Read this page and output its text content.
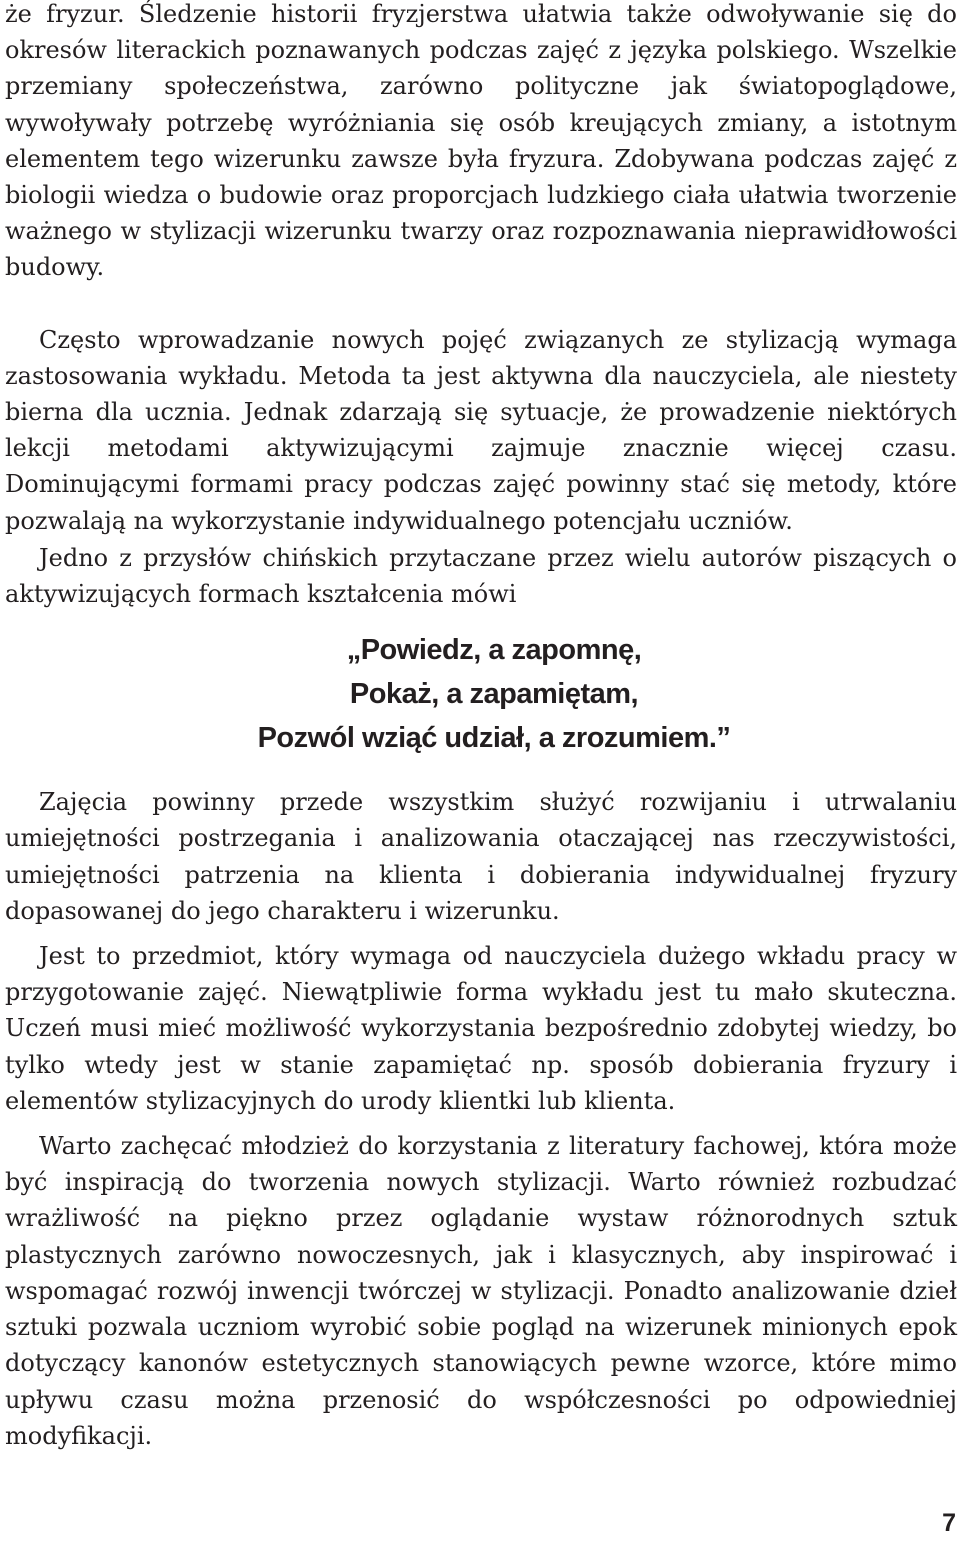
że fryzur. Śledzenie historii fryzjerstwa ułatwia także odwoływanie się do okresów literackich poznawanych podczas zajęć z języka polskiego. Wszelkie przemiany społeczeństwa, zarówno polityczne jak światopoglądowe, wywoływały potrzebę wyróżniania się osób kreujących zmiany, a istotnym elementem tego wizerunku zawsze była fryzura. Zdobywana podczas zajęć z biologii wiedza o budowie oraz proporcjach ludzkiego ciała ułatwia tworzenie ważnego w stylizacji wizerunku twarzy oraz rozpoznawania nieprawidłowości budowy.

Często wprowadzanie nowych pojęć związanych ze stylizacją wymaga zastosowania wykładu. Metoda ta jest aktywna dla nauczyciela, ale niestety bierna dla ucznia. Jednak zdarzają się sytuacje, że prowadzenie niektórych lekcji metodami aktywizującymi zajmuje znacznie więcej czasu. Dominującymi formami pracy podczas zajęć powinny stać się metody, które pozwalają na wykorzystanie indywidualnego potencjału uczniów.

Jedno z przysłów chińskich przytaczane przez wielu autorów piszących o aktywizujących formach kształcenia mówi

„Powiedz, a zapomnę,
Pokaż, a zapamiętam,
Pozwól wziąć udział, a zrozumiem.”

Zajęcia powinny przede wszystkim służyć rozwijaniu i utrwalaniu umiejętności postrzegania i analizowania otaczającej nas rzeczywistości, umiejętności patrzenia na klienta i dobierania indywidualnej fryzury dopasowanej do jego charakteru i wizerunku.

Jest to przedmiot, który wymaga od nauczyciela dużego wkładu pracy w przygotowanie zajęć. Niewątpliwie forma wykładu jest tu mało skuteczna. Uczeń musi mieć możliwość wykorzystania bezpośrednio zdobytej wiedzy, bo tylko wtedy jest w stanie zapamiętać np. sposób dobierania fryzury i elementów stylizacyjnych do urody klientki lub klienta.

Warto zachęcać młodzież do korzystania z literatury fachowej, która może być inspiracją do tworzenia nowych stylizacji. Warto również rozbudzać wrażliwość na piękno przez oglądanie wystaw różnorodnych sztuk plastycznych zarówno nowoczesnych, jak i klasycznych, aby inspirować i wspomagać rozwój inwencji twórczej w stylizacji. Ponadto analizowanie dzieł sztuki pozwala uczniom wyrobić sobie pogląd na wizerunek minionych epok dotyczący kanonów estetycznych stanowiących pewne wzorce, które mimo upływu czasu można przenosić do współczesności po odpowiedniej modyfikacji.

7
